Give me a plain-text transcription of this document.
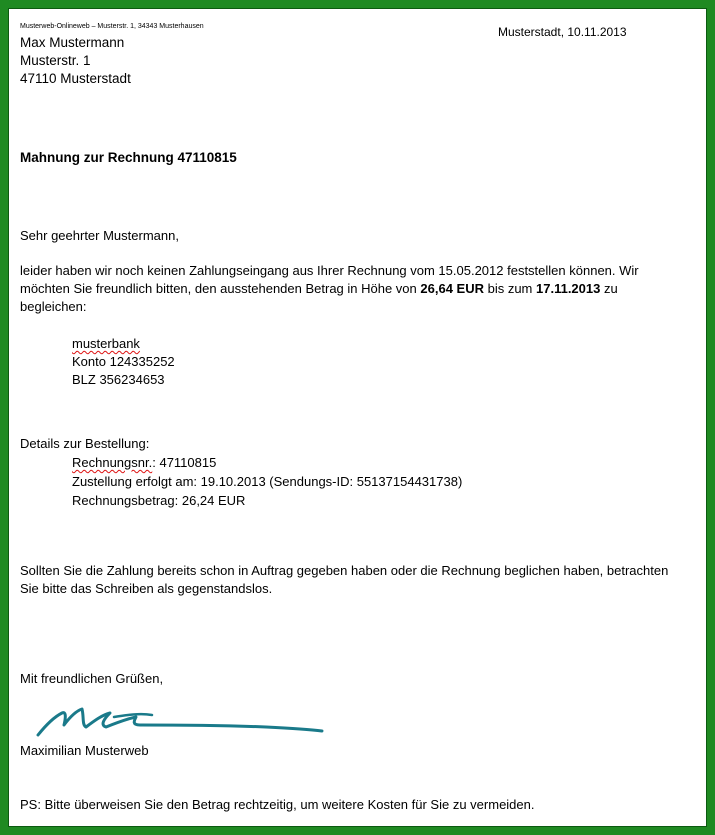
Musterweb-Onlineweb – Musterstr. 1, 34343 Musterhausen	Musterstadt, 10.11.2013
Max Mustermann
Musterstr. 1
47110 Musterstadt
Mahnung zur Rechnung 47110815
Sehr geehrter Mustermann,
leider haben wir noch keinen Zahlungseingang aus Ihrer Rechnung vom 15.05.2012 feststellen können. Wir
möchten Sie freundlich bitten, den ausstehenden Betrag in Höhe von 26,64 EUR bis zum 17.11.2013 zu
begleichen:
musterbank
Konto 124335252
BLZ 356234653
Details zur Bestellung:
Rechnungsnr.: 47110815
Zustellung erfolgt am: 19.10.2013 (Sendungs-ID: 55137154431738)
Rechnungsbetrag: 26,24 EUR
Sollten Sie die Zahlung bereits schon in Auftrag gegeben haben oder die Rechnung beglichen haben, betrachten
Sie bitte das Schreiben als gegenstandslos.
Mit freundlichen Grüßen,
Maximilian Musterweb
PS: Bitte überweisen Sie den Betrag rechtzeitig, um weitere Kosten für Sie zu vermeiden.
